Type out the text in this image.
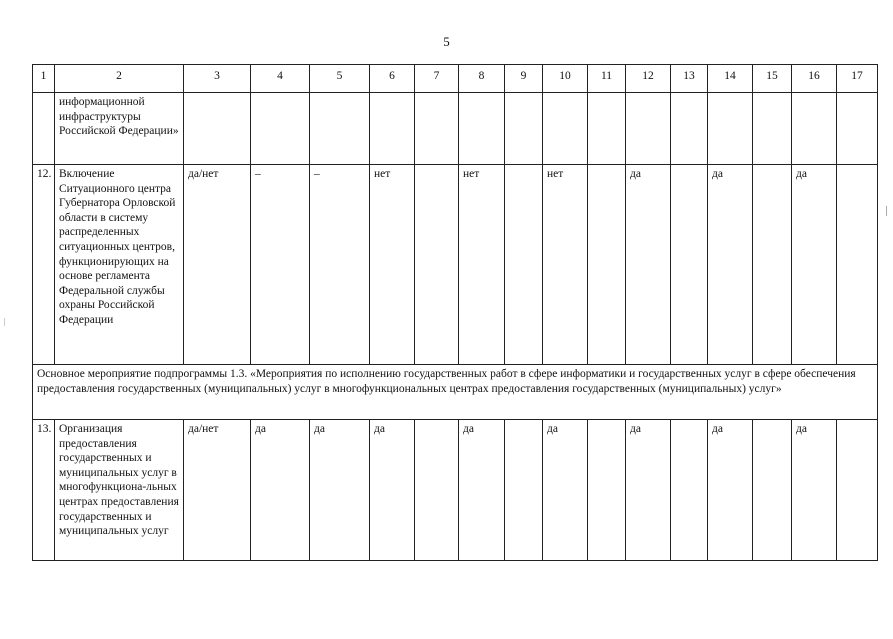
5
1	2	3	4	5	6	7	8	9	10	11	12	13	14	15	16	17
	информационной инфраструктуры Российской Федерации»															
12.	Включение Ситуационного центра Губернатора Орловской области в систему распределенных ситуационных центров, функционирующих на основе регламента Федеральной службы охраны Российской Федерации	да/нет	–	–	нет		нет		нет		да		да		да	
Основное мероприятие подпрограммы 1.3. «Мероприятия по исполнению государственных работ в сфере информатики и государственных услуг в сфере обеспечения предоставления государственных (муниципальных) услуг в многофункциональных центрах предоставления государственных (муниципальных) услуг»																
13.	Организация предоставления государственных и муниципальных услуг в многофункциона-льных центрах предоставления государственных и муниципальных услуг	да/нет	да	да	да		да		да		да		да		да	
